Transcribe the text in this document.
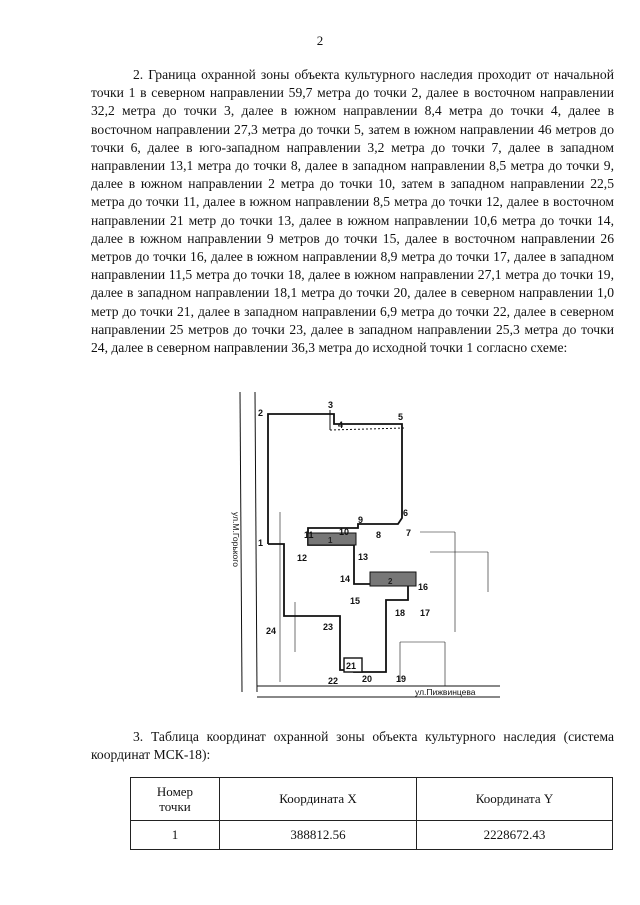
2

2. Граница охранной зоны объекта культурного наследия проходит от начальной точки 1 в северном направлении 59,7 метра до точки 2, далее в восточном направлении 32,2 метра до точки 3, далее в южном направлении 8,4 метра до точки 4, далее в восточном направлении 27,3 метра до точки 5, затем в южном направлении 46 метров до точки 6, далее в юго-западном направлении 3,2 метра до точки 7, далее в западном направлении 13,1 метра до точки 8, далее в западном направлении 8,5 метра до точки 9, далее в южном направлении 2 метра до точки 10, затем в западном направлении 22,5 метра до точки 11, далее в южном направлении 8,5 метра до точки 12, далее в восточном направлении 21 метр до точки 13, далее в южном направлении 10,6 метра до точки 14, далее в южном направлении 9 метров до точки 15, далее в восточном направлении 26 метров до точки 16, далее в южном направлении 8,9 метра до точки 17, далее в западном направлении 11,5 метра до точки 18, далее в южном направлении 27,1 метра до точки 19, далее в западном направлении 18,1 метра до точки 20, далее в северном направлении 1,0 метр до точки 21, далее в западном направлении 6,9 метра до точки 22, далее в северном направлении 25 метров до точки 23, далее в западном направлении 25,3 метра до точки 24, далее в северном направлении 36,3 метра до исходной точки 1 согласно схеме:

ул.М.Горького
ул.Пижвинцева
1
2
1
2
3
4
5
6
7
8
9
10
11
12	13
14
15
16
17
18
19
20
21
22
23
24

3. Таблица координат охранной зоны объекта культурного наследия (система координат МСК-18):

Номер
точки	Координата X	Координата Y
1	388812.56	2228672.43
